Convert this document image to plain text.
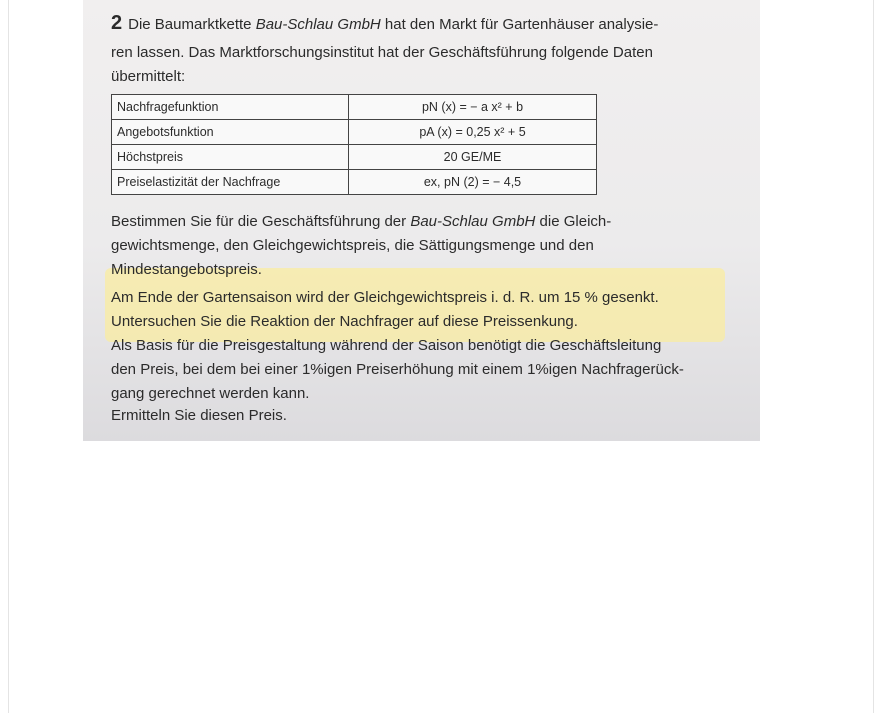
2 Die Baumarktkette Bau-Schlau GmbH hat den Markt für Gartenhäuser analysie-

ren lassen. Das Marktforschungsinstitut hat der Geschäftsführung folgende Daten

übermittelt:

Nachfragefunktion	pN (x) = − a x² + b
Angebotsfunktion	pA (x) = 0,25 x² + 5
Höchstpreis	20 GE/ME
Preiselastizität der Nachfrage	ex, pN (2) = − 4,5

Bestimmen Sie für die Geschäftsführung der Bau-Schlau GmbH die Gleich-

gewichtsmenge, den Gleichgewichtspreis, die Sättigungsmenge und den

Mindestangebotspreis.

Am Ende der Gartensaison wird der Gleichgewichtspreis i. d. R. um 15 % gesenkt.

Untersuchen Sie die Reaktion der Nachfrager auf diese Preissenkung.

Als Basis für die Preisgestaltung während der Saison benötigt die Geschäftsleitung

den Preis, bei dem bei einer 1%igen Preiserhöhung mit einem 1%igen Nachfragerück-

gang gerechnet werden kann.

Ermitteln Sie diesen Preis.
